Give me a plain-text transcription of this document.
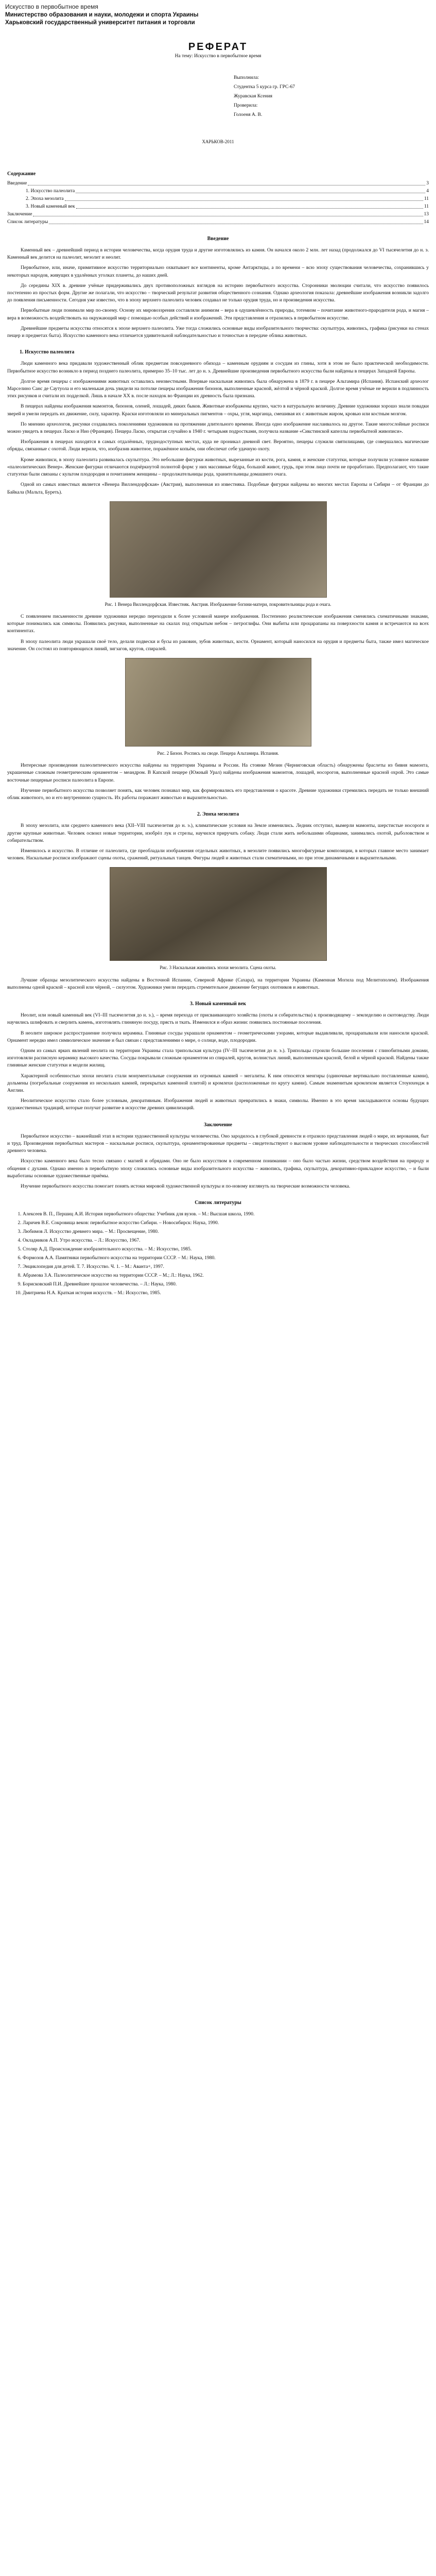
Искусство в первобытное время
Министерство образования и науки, молодежи и спорта Украины
Харьковский государственный университет питания и торговли
РЕФЕРАТ
На тему: Искусство в первобытное время
Выполнила:
Студентка 5 курса гр. ГРС-67
Журавская Ксения
Проверила:
Голоеня А. В.
ХАРЬКОВ-2011
Содержание
Введение	3
1. Искусство палеолита	4
2. Эпоха мезолита	11
3. Новый каменный век	11
Заключение	13
Список литературы	14
Введение

Каменный век – древнейший период в истории человечества, когда орудия труда и другие изготовлялись из камня. Он начался около 2 млн. лет назад (продолжался до VI тысячелетия до н. э. Каменный век делится на палеолит, мезолит и неолит.

Первобытное, или, иначе, примитивное искусство территориально охватывает все континенты, кроме Антарктиды, а по времени – всю эпоху существования человечества, сохранившись у некоторых народов, живущих в удалённых уголках планеты, до наших дней.

До середины XIX в. древние учёные придерживались двух противоположных взглядов на историю первобытного искусства. Сторонники эволюции считали, что искусство появилось постепенно из простых форм. Другие же полагали, что искусство – творческий результат развития общественного сознания. Однако археология показала: древнейшие изображения возникли задолго до появления письменности. Сегодня уже известно, что в эпоху верхнего палеолита человек создавал не только орудия труда, но и произведения искусства.

Первобытные люди понимали мир по-своему. Основу их мировоззрения составляли анимизм – вера в одушевлённость природы, тотемизм – почитание животного-прародителя рода, и магия – вера в возможность воздействовать на окружающий мир с помощью особых действий и изображений. Эти представления и отразились в первобытном искусстве.

Древнейшие предметы искусства относятся к эпохе верхнего палеолита. Уже тогда сложились основные виды изобразительного творчества: скульптура, живопись, графика (рисунки на стенах пещер и предметах быта). Искусство каменного века отличается удивительной наблюдательностью и точностью в передаче облика животных.

1. Искусство палеолита

Люди каменного века придавали художественный облик предметам повседневного обихода – каменным орудиям и сосудам из глины, хотя в этом не было практической необходимости. Первобытное искусство возникло в период позднего палеолита, примерно 35–10 тыс. лет до н. э. Древнейшие произведения первобытного искусства были найдены в пещерах Западной Европы.

Долгое время пещеры с изображениями животных оставались неизвестными. Впервые наскальная живопись была обнаружена в 1879 г. в пещере Альтамира (Испания). Испанский археолог Марселино Санс де Саутуола и его маленькая дочь увидели на потолке пещеры изображения бизонов, выполненные красной, жёлтой и чёрной краской. Долгое время учёные не верили в подлинность этих рисунков и считали их подделкой. Лишь в начале XX в. после находок во Франции их древность была признана.

В пещерах найдены изображения мамонтов, бизонов, оленей, лошадей, диких быков. Животные изображены крупно, часто в натуральную величину. Древние художники хорошо знали повадки зверей и умели передать их движение, силу, характер. Краски изготовляли из минеральных пигментов – охры, угля, марганца, смешивая их с животным жиром, кровью или костным мозгом.

По мнению археологов, рисунки создавались поколениями художников на протяжении длительного времени. Иногда одно изображение наслаивалось на другое. Такие многослойные росписи можно увидеть в пещерах Ласко и Нио (Франция). Пещера Ласко, открытая случайно в 1940 г. четырьмя подростками, получила название «Сикстинской капеллы первобытной живописи».

Изображения в пещерах находятся в самых отдалённых, труднодоступных местах, куда не проникал дневной свет. Вероятно, пещеры служили святилищами, где совершались магические обряды, связанные с охотой. Люди верили, что, изобразив животное, поражённое копьём, они обеспечат себе удачную охоту.

Кроме живописи, в эпоху палеолита развивалась скульптура. Это небольшие фигурки животных, вырезанные из кости, рога, камня, и женские статуэтки, которые получили условное название «палеолитических Венер». Женские фигурки отличаются подчёркнутой полнотой форм: у них массивные бёдра, большой живот, грудь, при этом лицо почти не проработано. Предполагают, что такие статуэтки были связаны с культом плодородия и почитанием женщины – продолжательницы рода, хранительницы домашнего очага.

Одной из самых известных является «Венера Виллендорфская» (Австрия), выполненная из известняка. Подобные фигурки найдены во многих местах Европы и Сибири – от Франции до Байкала (Мальта, Буреть).

Рис. 1 Венера Виллендорфская. Известняк. Австрия. Изображение богини-матери, покровительницы рода и очага.

С появлением письменности древние художники нередко переходили к более условной манере изображения. Постепенно реалистические изображения сменялись схематичными знаками, которые понимались как символы. Появились рисунки, выполненные на скалах под открытым небом – петроглифы. Они выбиты или процарапаны на поверхности камня и встречаются на всех континентах.

В эпоху палеолита люди украшали своё тело, делали подвески и бусы из раковин, зубов животных, кости. Орнамент, который наносился на орудия и предметы быта, также имел магическое значение. Он состоял из повторяющихся линий, зигзагов, кругов, спиралей.

Рис. 2 Бизон. Роспись на своде. Пещера Альтамира. Испания.

Интересные произведения палеолитического искусства найдены на территории Украины и России. На стоянке Мезин (Черниговская область) обнаружены браслеты из бивня мамонта, украшенные сложным геометрическим орнаментом – меандром. В Капской пещере (Южный Урал) найдены изображения мамонтов, лошадей, носорогов, выполненные красной охрой. Это самые восточные пещерные росписи палеолита в Европе.

Изучение первобытного искусства позволяет понять, как человек познавал мир, как формировались его представления о красоте. Древние художники стремились передать не только внешний облик животного, но и его внутреннюю сущность. Их работы поражают живостью и выразительностью.

2. Эпоха мезолита

В эпоху мезолита, или среднего каменного века (XII–VIII тысячелетия до н. э.), климатические условия на Земле изменились. Ледник отступил, вымерли мамонты, шерстистые носороги и другие крупные животные. Человек освоил новые территории, изобрёл лук и стрелы, научился приручать собаку. Люди стали жить небольшими общинами, занимались охотой, рыболовством и собирательством.

Изменилось и искусство. В отличие от палеолита, где преобладали изображения отдельных животных, в мезолите появились многофигурные композиции, в которых главное место занимает человек. Наскальные росписи изображают сцены охоты, сражений, ритуальных танцев. Фигуры людей и животных стали схематичными, но при этом динамичными и выразительными.

Рис. 3 Наскальная живопись эпохи мезолита. Сцена охоты.

Лучшие образцы мезолитического искусства найдены в Восточной Испании, Северной Африке (Сахара), на территории Украины (Каменная Могила под Мелитополем). Изображения выполнены одной краской – красной или чёрной, – силуэтом. Художники умели передать стремительное движение бегущих охотников и животных.

3. Новый каменный век

Неолит, или новый каменный век (VI–III тысячелетия до н. э.), – время перехода от присваивающего хозяйства (охоты и собирательства) к производящему – земледелию и скотоводству. Люди научились шлифовать и сверлить камень, изготовлять глиняную посуду, прясть и ткать. Изменился и образ жизни: появились постоянные поселения.

В неолите широкое распространение получила керамика. Глиняные сосуды украшали орнаментом – геометрическими узорами, которые выдавливали, процарапывали или наносили краской. Орнамент нередко имел символическое значение и был связан с представлениями о мире, о солнце, воде, плодородии.

Одним из самых ярких явлений неолита на территории Украины стала трипольская культура (IV–III тысячелетия до н. э.). Трипольцы строили большие поселения с глинобитными домами, изготовляли расписную керамику высокого качества. Сосуды покрывали сложным орнаментом из спиралей, кругов, волнистых линий, выполненным красной, белой и чёрной краской. Найдены также глиняные женские статуэтки и модели жилищ.

Характерной особенностью эпохи неолита стали монументальные сооружения из огромных камней – мегалиты. К ним относятся менгиры (одиночные вертикально поставленные камни), дольмены (погребальные сооружения из нескольких камней, перекрытых каменной плитой) и кромлехи (расположенные по кругу камни). Самым знаменитым кромлехом является Стоунхендж в Англии.

Неолитическое искусство стало более условным, декоративным. Изображения людей и животных превратились в знаки, символы. Именно в это время закладываются основы будущих художественных традиций, которые получат развитие в искусстве древних цивилизаций.

Заключение

Первобытное искусство – важнейший этап в истории художественной культуры человечества. Оно зародилось в глубокой древности и отразило представления людей о мире, их верования, быт и труд. Произведения первобытных мастеров – наскальные росписи, скульптура, орнаментированные предметы – свидетельствуют о высоком уровне наблюдательности и творческих способностей древнего человека.

Искусство каменного века было тесно связано с магией и обрядами. Оно не было искусством в современном понимании – оно было частью жизни, средством воздействия на природу и общения с духами. Однако именно в первобытную эпоху сложились основные виды изобразительного искусства – живопись, графика, скульптура, декоративно-прикладное искусство, – и были выработаны основные художественные приёмы.

Изучение первобытного искусства помогает понять истоки мировой художественной культуры и по-новому взглянуть на творческие возможности человека.

Список литературы
1. Алексеев В. П., Першиц А.И. История первобытного общества: Учебник для вузов. – М.: Высшая школа, 1990.
2. Ларичев В.Е. Сокровища веков: первобытное искусство Сибири. – Новосибирск: Наука, 1990.
3. Любимов Л. Искусство древнего мира. – М.: Просвещение, 1980.
4. Окладников А.П. Утро искусства. – Л.: Искусство, 1967.
5. Столяр А.Д. Происхождение изобразительного искусства. – М.: Искусство, 1985.
6. Формозов А.А. Памятники первобытного искусства на территории СССР. – М.: Наука, 1980.
7. Энциклопедия для детей. Т. 7. Искусство. Ч. 1. – М.: Аванта+, 1997.
8. Абрамова З.А. Палеолитическое искусство на территории СССР. – М.; Л.: Наука, 1962.
9. Борисковский П.И. Древнейшее прошлое человечества. – Л.: Наука, 1980.
10. Дмитриева Н.А. Краткая история искусств. – М.: Искусство, 1985.
